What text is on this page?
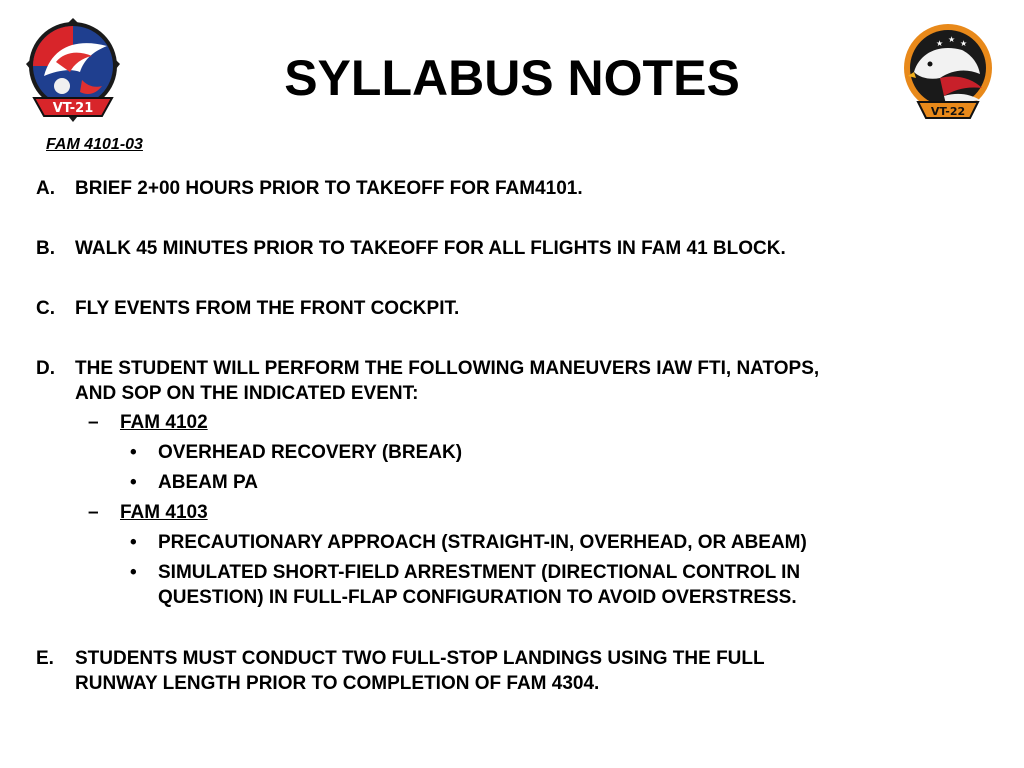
VT-21
★ ★ ★
VT-22
SYLLABUS NOTES
FAM 4101-03
A.	BRIEF 2+00 HOURS PRIOR TO TAKEOFF FOR FAM4101.
B.	WALK 45 MINUTES PRIOR TO TAKEOFF FOR ALL FLIGHTS IN FAM 41 BLOCK.
C.	FLY EVENTS FROM THE FRONT COCKPIT.
D.	THE STUDENT WILL PERFORM THE FOLLOWING MANEUVERS IAW FTI, NATOPS,
AND SOP ON THE INDICATED EVENT:
– FAM 4102
• OVERHEAD RECOVERY (BREAK)
• ABEAM PA
– FAM 4103
• PRECAUTIONARY APPROACH (STRAIGHT-IN, OVERHEAD, OR ABEAM)
• SIMULATED SHORT-FIELD ARRESTMENT (DIRECTIONAL CONTROL IN
QUESTION) IN FULL-FLAP CONFIGURATION TO AVOID OVERSTRESS.
E.	STUDENTS MUST CONDUCT TWO FULL-STOP LANDINGS USING THE FULL
RUNWAY LENGTH PRIOR TO COMPLETION OF FAM 4304.
